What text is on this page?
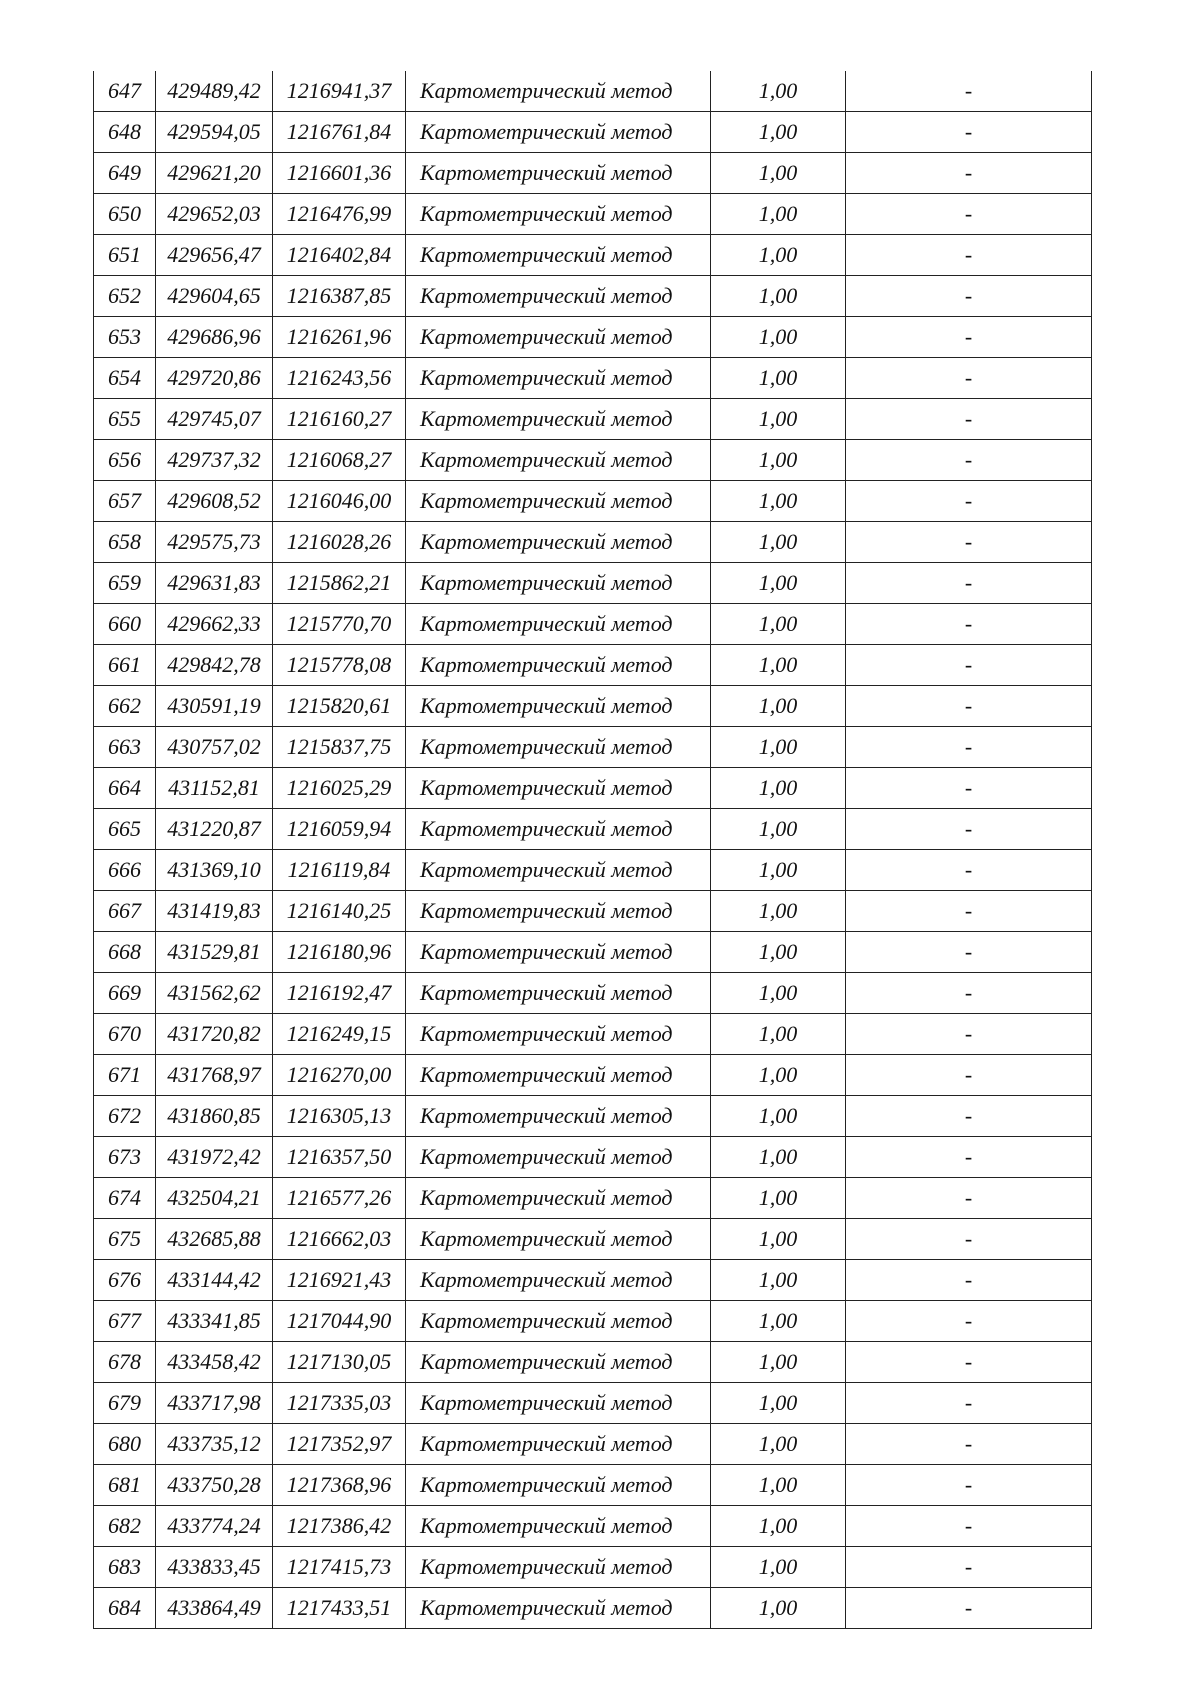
647	429489,42	1216941,37	Картометрический метод	1,00	-
648	429594,05	1216761,84	Картометрический метод	1,00	-
649	429621,20	1216601,36	Картометрический метод	1,00	-
650	429652,03	1216476,99	Картометрический метод	1,00	-
651	429656,47	1216402,84	Картометрический метод	1,00	-
652	429604,65	1216387,85	Картометрический метод	1,00	-
653	429686,96	1216261,96	Картометрический метод	1,00	-
654	429720,86	1216243,56	Картометрический метод	1,00	-
655	429745,07	1216160,27	Картометрический метод	1,00	-
656	429737,32	1216068,27	Картометрический метод	1,00	-
657	429608,52	1216046,00	Картометрический метод	1,00	-
658	429575,73	1216028,26	Картометрический метод	1,00	-
659	429631,83	1215862,21	Картометрический метод	1,00	-
660	429662,33	1215770,70	Картометрический метод	1,00	-
661	429842,78	1215778,08	Картометрический метод	1,00	-
662	430591,19	1215820,61	Картометрический метод	1,00	-
663	430757,02	1215837,75	Картометрический метод	1,00	-
664	431152,81	1216025,29	Картометрический метод	1,00	-
665	431220,87	1216059,94	Картометрический метод	1,00	-
666	431369,10	1216119,84	Картометрический метод	1,00	-
667	431419,83	1216140,25	Картометрический метод	1,00	-
668	431529,81	1216180,96	Картометрический метод	1,00	-
669	431562,62	1216192,47	Картометрический метод	1,00	-
670	431720,82	1216249,15	Картометрический метод	1,00	-
671	431768,97	1216270,00	Картометрический метод	1,00	-
672	431860,85	1216305,13	Картометрический метод	1,00	-
673	431972,42	1216357,50	Картометрический метод	1,00	-
674	432504,21	1216577,26	Картометрический метод	1,00	-
675	432685,88	1216662,03	Картометрический метод	1,00	-
676	433144,42	1216921,43	Картометрический метод	1,00	-
677	433341,85	1217044,90	Картометрический метод	1,00	-
678	433458,42	1217130,05	Картометрический метод	1,00	-
679	433717,98	1217335,03	Картометрический метод	1,00	-
680	433735,12	1217352,97	Картометрический метод	1,00	-
681	433750,28	1217368,96	Картометрический метод	1,00	-
682	433774,24	1217386,42	Картометрический метод	1,00	-
683	433833,45	1217415,73	Картометрический метод	1,00	-
684	433864,49	1217433,51	Картометрический метод	1,00	-
